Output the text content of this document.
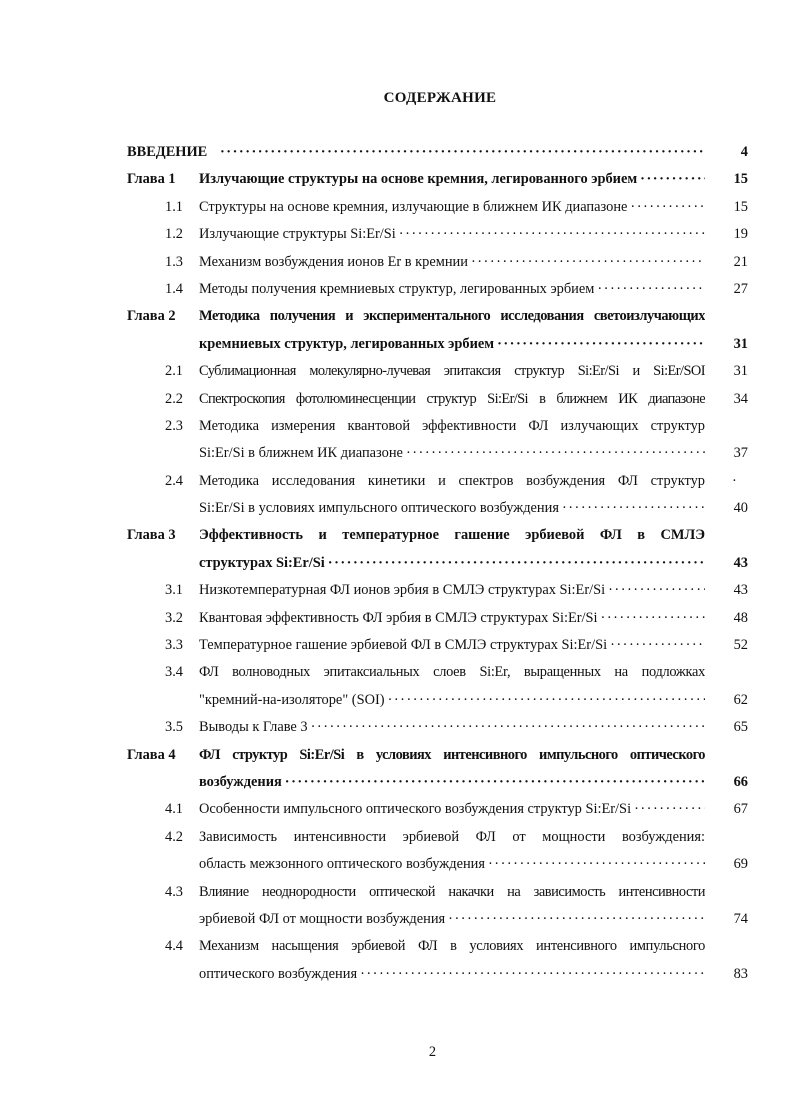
СОДЕРЖАНИЕ
ВВЕДЕНИЕ ·····	4
Глава 1	Излучающие структуры на основе кремния, легированного эрбием ·····	15
1.1 Структуры на основе кремния, излучающие в ближнем ИК диапазоне ·····	15
1.2 Излучающие структуры Si:Er/Si ·····	19
1.3 Механизм возбуждения ионов Er в кремнии ·····	21
1.4 Методы получения кремниевых структур, легированных эрбием ·····	27
Глава 2	Методика получения и экспериментального исследования светоизлучающих
кремниевых структур, легированных эрбием ·····	31
2.1 Сублимационная молекулярно-лучевая эпитаксия структур Si:Er/Si и Si:Er/SOI	31
2.2 Спектроскопия фотолюминесценции структур Si:Er/Si в ближнем ИК диапазоне	34
2.3 Методика измерения квантовой эффективности ФЛ излучающих структур
Si:Er/Si в ближнем ИК диапазоне ·····	37
2.4 Методика исследования кинетики и спектров возбуждения ФЛ структур	·
Si:Er/Si в условиях импульсного оптического возбуждения ·····	40
Глава 3	Эффективность и температурное гашение эрбиевой ФЛ в СМЛЭ
структурах Si:Er/Si ·····	43
3.1 Низкотемпературная ФЛ ионов эрбия в СМЛЭ структурах Si:Er/Si ·····	43
3.2 Квантовая эффективность ФЛ эрбия в СМЛЭ структурах Si:Er/Si ·····	48
3.3 Температурное гашение эрбиевой ФЛ в СМЛЭ структурах Si:Er/Si ·····	52
3.4 ФЛ волноводных эпитаксиальных слоев Si:Er, выращенных на подложках
"кремний-на-изоляторе" (SOI) ·····	62
3.5 Выводы к Главе 3 ·····	65
Глава 4	ФЛ структур Si:Er/Si в условиях интенсивного импульсного оптического
возбуждения ·····	66
4.1 Особенности импульсного оптического возбуждения структур Si:Er/Si ·····	67
4.2 Зависимость интенсивности эрбиевой ФЛ от мощности возбуждения:
область межзонного оптического возбуждения ·····	69
4.3 Влияние неоднородности оптической накачки на зависимость интенсивности
эрбиевой ФЛ от мощности возбуждения ·····	74
4.4 Механизм насыщения эрбиевой ФЛ в условиях интенсивного импульсного
оптического возбуждения ·····	83
2
